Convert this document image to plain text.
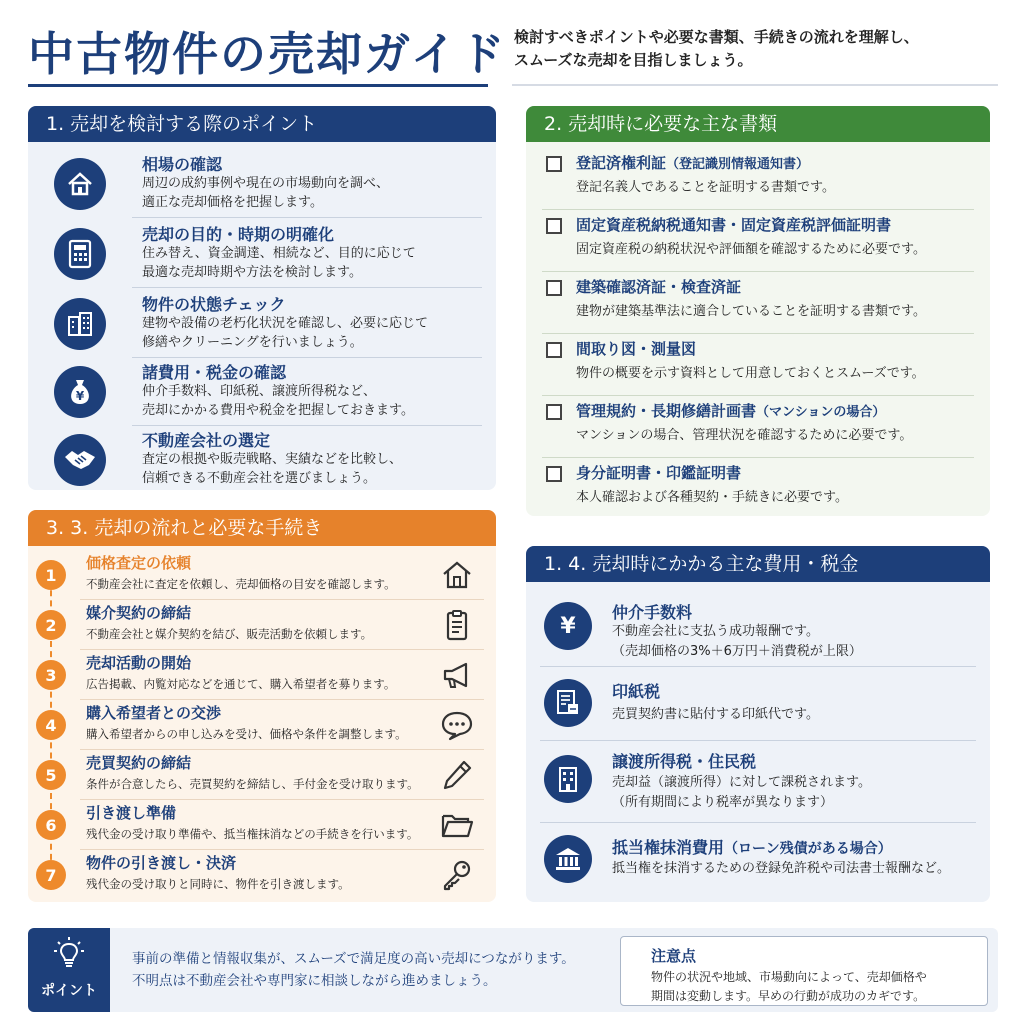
中古物件の売却ガイド 検討すべきポイントや必要な書類、手続きの流れを理解し、
スムーズな売却を目指しましょう。
1. 売却を検討する際のポイント
相場の確認
周辺の成約事例や現在の市場動向を調べ、
適正な売却価格を把握します。
売却の目的・時期の明確化
住み替え、資金調達、相続など、目的に応じて
最適な売却時期や方法を検討します。
物件の状態チェック
建物や設備の老朽化状況を確認し、必要に応じて
修繕やクリーニングを行いましょう。
¥
諸費用・税金の確認
仲介手数料、印紙税、譲渡所得税など、
売却にかかる費用や税金を把握しておきます。
不動産会社の選定
査定の根拠や販売戦略、実績などを比較し、
信頼できる不動産会社を選びましょう。
2. 売却時に必要な主な書類
登記済権利証（登記識別情報通知書）
登記名義人であることを証明する書類です。
固定資産税納税通知書・固定資産税評価証明書
固定資産税の納税状況や評価額を確認するために必要です。
建築確認済証・検査済証
建物が建築基準法に適合していることを証明する書類です。
間取り図・測量図
物件の概要を示す資料として用意しておくとスムーズです。
管理規約・長期修繕計画書（マンションの場合）
マンションの場合、管理状況を確認するために必要です。
身分証明書・印鑑証明書
本人確認および各種契約・手続きに必要です。
3. 3. 売却の流れと必要な手続き
1
価格査定の依頼
不動産会社に査定を依頼し、売却価格の目安を確認します。
2
媒介契約の締結
不動産会社と媒介契約を結び、販売活動を依頼します。
3
売却活動の開始
広告掲載、内覧対応などを通じて、購入希望者を募ります。
4
購入希望者との交渉
購入希望者からの申し込みを受け、価格や条件を調整します。
5
売買契約の締結
条件が合意したら、売買契約を締結し、手付金を受け取ります。
6
引き渡し準備
残代金の受け取り準備や、抵当権抹消などの手続きを行います。
7
物件の引き渡し・決済
残代金の受け取りと同時に、物件を引き渡します。
1. 4. 売却時にかかる主な費用・税金
¥
仲介手数料
不動産会社に支払う成功報酬です。
（売却価格の3%＋6万円＋消費税が上限）
印紙税
売買契約書に貼付する印紙代です。
譲渡所得税・住民税
売却益（譲渡所得）に対して課税されます。
（所有期間により税率が異なります）
抵当権抹消費用（ローン残債がある場合）
抵当権を抹消するための登録免許税や司法書士報酬など。
ポイント
事前の準備と情報収集が、スムーズで満足度の高い売却につながります。
不明点は不動産会社や専門家に相談しながら進めましょう。
注意点
物件の状況や地域、市場動向によって、売却価格や
期間は変動します。早めの行動が成功のカギです。
